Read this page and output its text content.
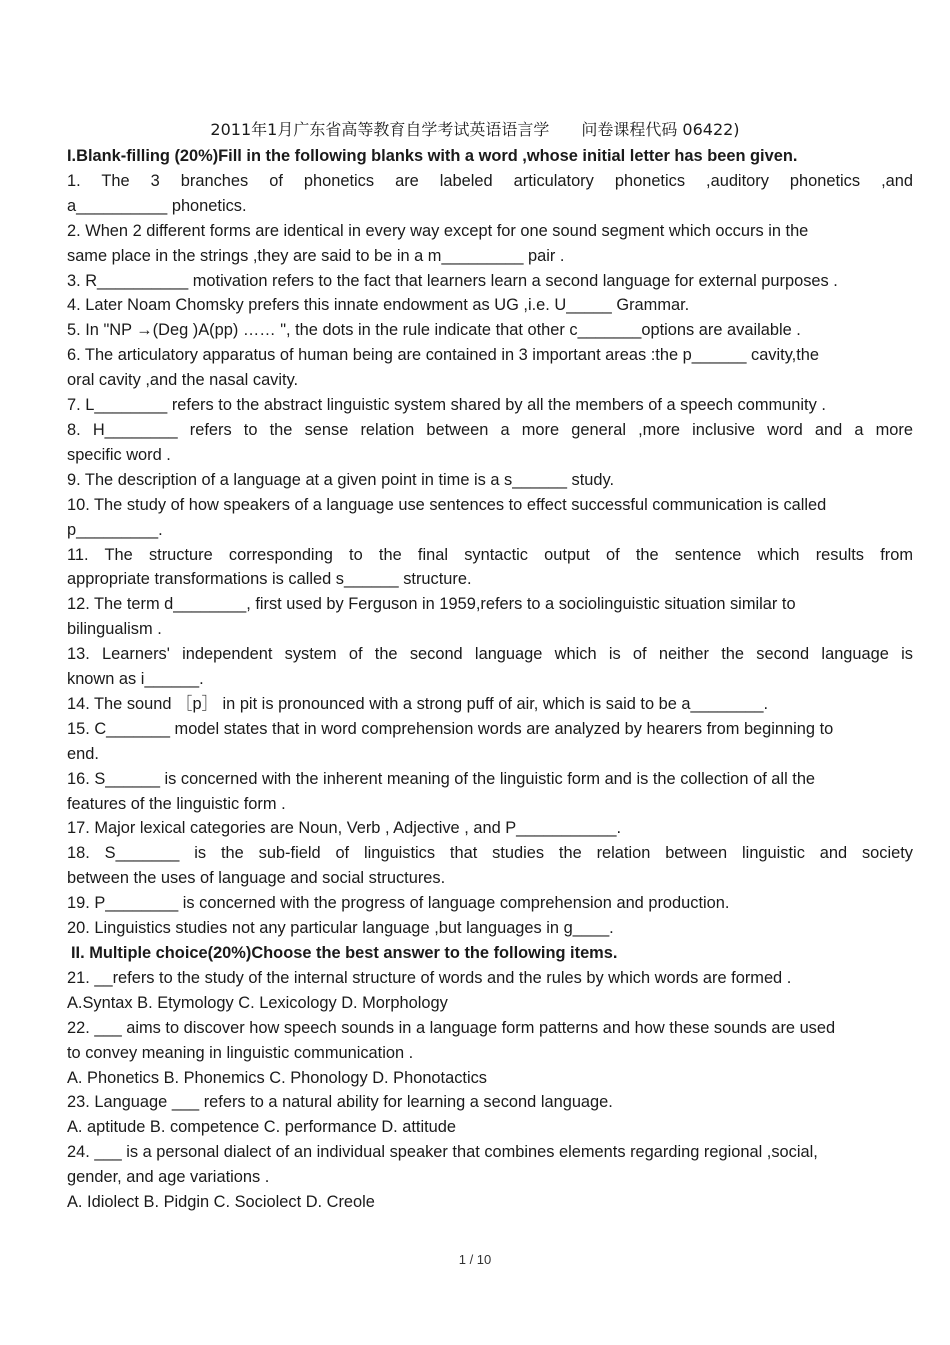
2011年1月广东省高等教育自学考试英语语言学　　问卷课程代码 06422)

I.Blank-filling (20%)Fill in the following blanks with a word ,whose initial letter has been given.

1. The 3 branches of phonetics are labeled articulatory phonetics ,auditory phonetics ,and

a__________ phonetics.

2. When 2 different forms are identical in every way except for one sound segment which occurs in the

same place in the strings ,they are said to be in a m_________ pair .

3. R__________ motivation refers to the fact that learners learn a second language for external purposes .

4. Later Noam Chomsky prefers this innate endowment as UG ,i.e. U_____ Grammar.

5. In "NP →(Deg )A(pp) …… ", the dots in the rule indicate that other c_______options are available .

6. The articulatory apparatus of human being are contained in 3 important areas :the p______ cavity,the

oral cavity ,and the nasal cavity.

7. L________ refers to the abstract linguistic system shared by all the members of a speech community .

8. H________ refers to the sense relation between a more general ,more inclusive word and a more

specific word .

9. The description of a language at a given point in time is a s______ study.

10. The study of how speakers of a language use sentences to effect successful communication is called

p_________.

11. The structure corresponding to the final syntactic output of the sentence which results from

appropriate transformations is called s______ structure.

12. The term d________, first used by Ferguson in 1959,refers to a sociolinguistic situation similar to

bilingualism .

13. Learners' independent system of the second language which is of neither the second language is

known as i______.

14. The sound ［p］ in pit is pronounced with a strong puff of air, which is said to be a________.

15. C_______ model states that in word comprehension words are analyzed by hearers from beginning to

end.

16. S______ is concerned with the inherent meaning of the linguistic form and is the collection of all the

features of the linguistic form .

17. Major lexical categories are Noun, Verb , Adjective , and P___________.

18. S_______ is the sub-field of linguistics that studies the relation between linguistic and society

between the uses of language and social structures.

19. P________ is concerned with the progress of language comprehension and production.

20. Linguistics studies not any particular language ,but languages in g____.

II. Multiple choice(20%)Choose the best answer to the following items.

21. __refers to the study of the internal structure of words and the rules by which words are formed .

A.Syntax B. Etymology C. Lexicology D. Morphology

22. ___ aims to discover how speech sounds in a language form patterns and how these sounds are used

to convey meaning in linguistic communication .

A. Phonetics B. Phonemics C. Phonology D. Phonotactics

23. Language ___ refers to a natural ability for learning a second language.

A. aptitude B. competence C. performance D. attitude

24. ___ is a personal dialect of an individual speaker that combines elements regarding regional ,social,

gender, and age variations .

A. Idiolect B. Pidgin C. Sociolect D. Creole

1 / 10
